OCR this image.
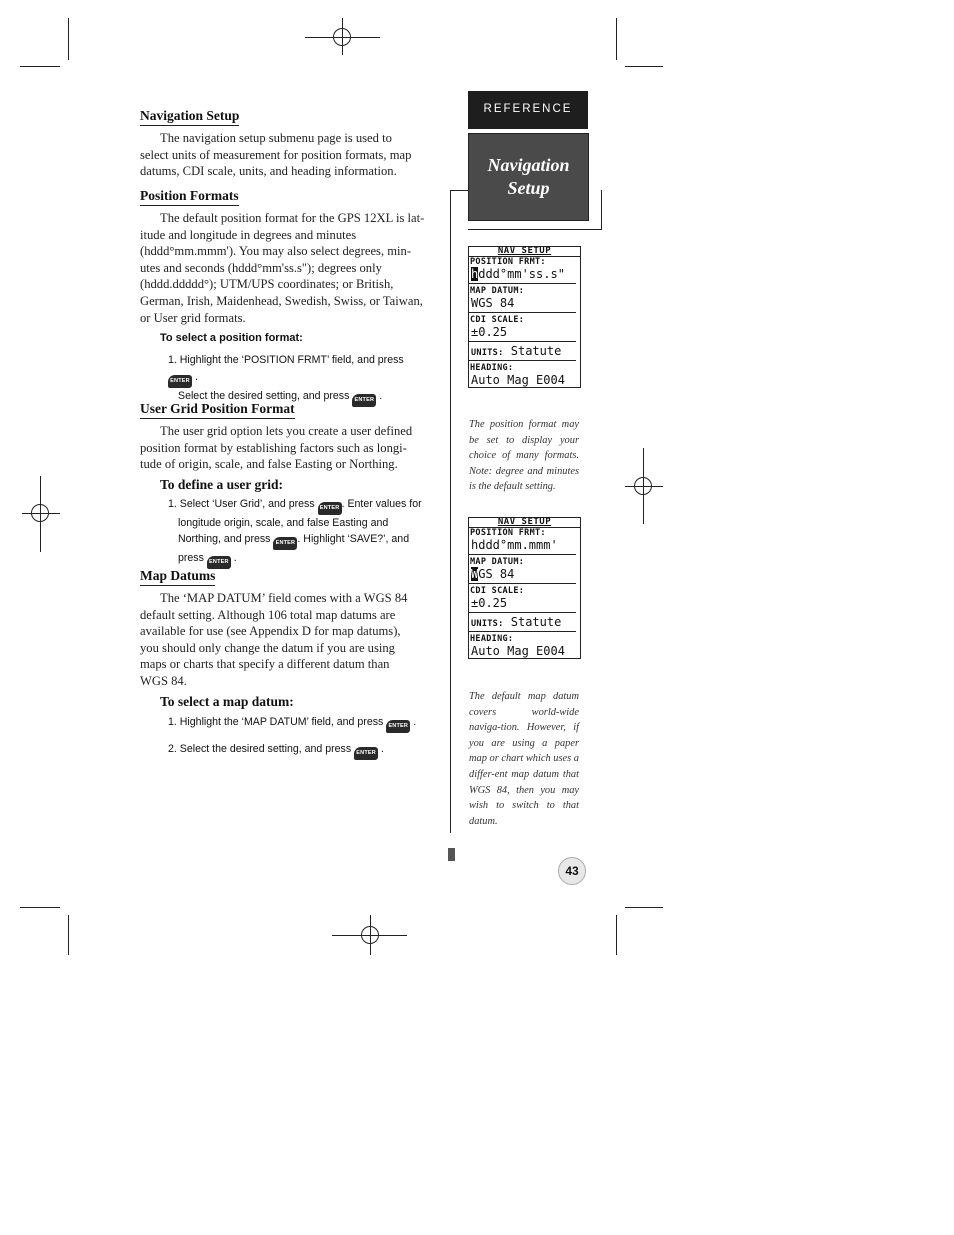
Navigation Setup
The navigation setup submenu page is used to
select units of measurement for position formats, map
datums, CDI scale, units, and heading information.
Position Formats
The default position format for the GPS 12XL is lat-
itude and longitude in degrees and minutes
(hddd°mm.mmm'). You may also select degrees, min-
utes and seconds (hddd°mm'ss.s"); degrees only
(hddd.ddddd°); UTM/UPS coordinates; or British,
German, Irish, Maidenhead, Swedish, Swiss, or Taiwan,
or User grid formats.
To select a position format:
1. Highlight the ‘POSITION FRMT’ field, and press ENTER .
Select the desired setting, and press ENTER .
User Grid Position Format
The user grid option lets you create a user defined
position format by establishing factors such as longi-
tude of origin, scale, and false Easting or Northing.
To define a user grid:
1. Select ‘User Grid’, and press ENTER . Enter values for
longitude origin, scale, and false Easting and
Northing, and press ENTER . Highlight ‘SAVE?’, and
press ENTER .
Map Datums
The ‘MAP DATUM’ field comes with a WGS 84
default setting. Although 106 total map datums are
available for use (see Appendix D for map datums),
you should only change the datum if you are using
maps or charts that specify a different datum than
WGS 84.
To select a map datum:
1. Highlight the ‘MAP DATUM’ field, and press ENTER .
2. Select the desired setting, and press ENTER .
REFERENCE
Navigation
Setup
NAV SETUP
POSITION FRMT:
hddd°mm'ss.s"
MAP DATUM:
WGS 84
CDI SCALE:
±0.25
UNITS: Statute
HEADING:
Auto Mag E004
The position format may be set to display your choice of many formats. Note: degree and minutes is the default setting.
NAV SETUP
POSITION FRMT:
hddd°mm.mmm'
MAP DATUM:
WGS 84
CDI SCALE:
±0.25
UNITS: Statute
HEADING:
Auto Mag E004
The default map datum covers world-wide naviga-tion. However, if you are using a paper map or chart which uses a differ-ent map datum that WGS 84, then you may wish to switch to that datum.
43
